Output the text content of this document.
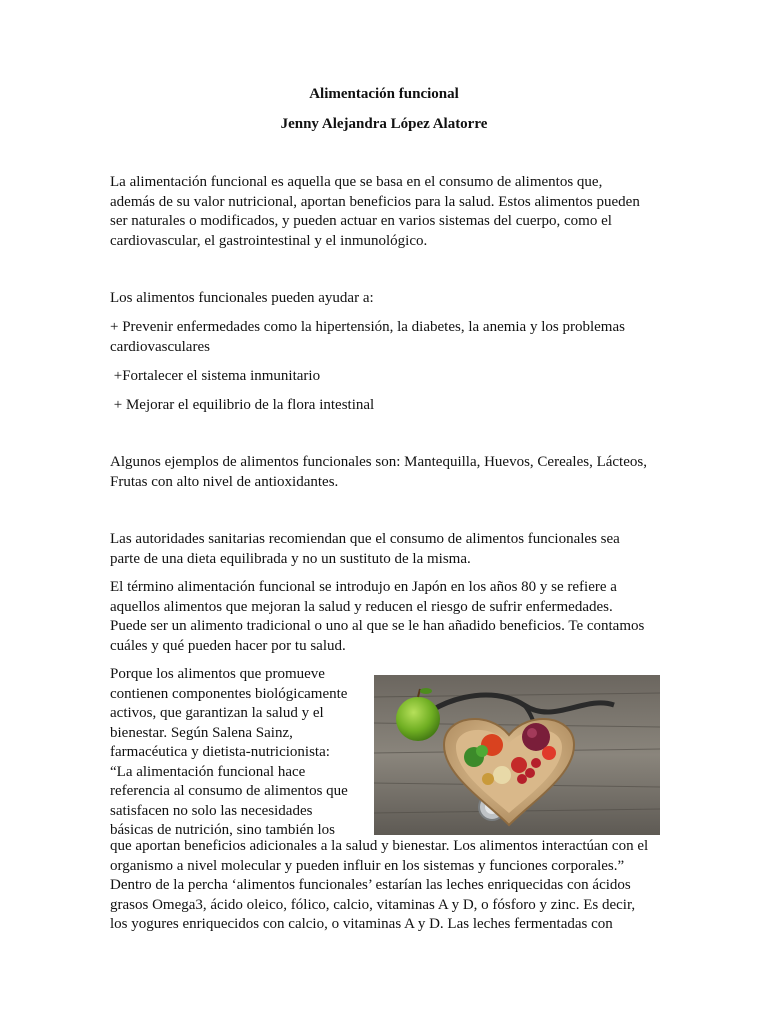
Alimentación funcional
Jenny Alejandra López Alatorre

La alimentación funcional es aquella que se basa en el consumo de alimentos que, además de su valor nutricional, aportan beneficios para la salud. Estos alimentos pueden ser naturales o modificados, y pueden actuar en varios sistemas del cuerpo, como el cardiovascular, el gastrointestinal y el inmunológico.

Los alimentos funcionales pueden ayudar a:

+ Prevenir enfermedades como la hipertensión, la diabetes, la anemia y los problemas cardiovasculares

+Fortalecer el sistema inmunitario

+ Mejorar el equilibrio de la flora intestinal

Algunos ejemplos de alimentos funcionales son: Mantequilla, Huevos, Cereales, Lácteos, Frutas con alto nivel de antioxidantes.

Las autoridades sanitarias recomiendan que el consumo de alimentos funcionales sea parte de una dieta equilibrada y no un sustituto de la misma.

El término alimentación funcional se introdujo en Japón en los años 80 y se refiere a aquellos alimentos que mejoran la salud y reducen el riesgo de sufrir enfermedades. Puede ser un alimento tradicional o uno al que se le han añadido beneficios. Te contamos cuáles y qué pueden hacer por tu salud.

Porque los alimentos que promueve
contienen componentes biológicamente
activos, que garantizan la salud y el
bienestar. Según Salena Sainz,
farmacéutica y dietista-nutricionista:
“La alimentación funcional hace
referencia al consumo de alimentos que
satisfacen no solo las necesidades
básicas de nutrición, sino también los

que aportan beneficios adicionales a la salud y bienestar. Los alimentos interactúan con el organismo a nivel molecular y pueden influir en los sistemas y funciones corporales.” Dentro de la percha ‘alimentos funcionales’ estarían las leches enriquecidas con ácidos grasos Omega3, ácido oleico, fólico, calcio, vitaminas A y D, o fósforo y zinc. Es decir, los yogures enriquecidos con calcio, o vitaminas A y D. Las leches fermentadas con
